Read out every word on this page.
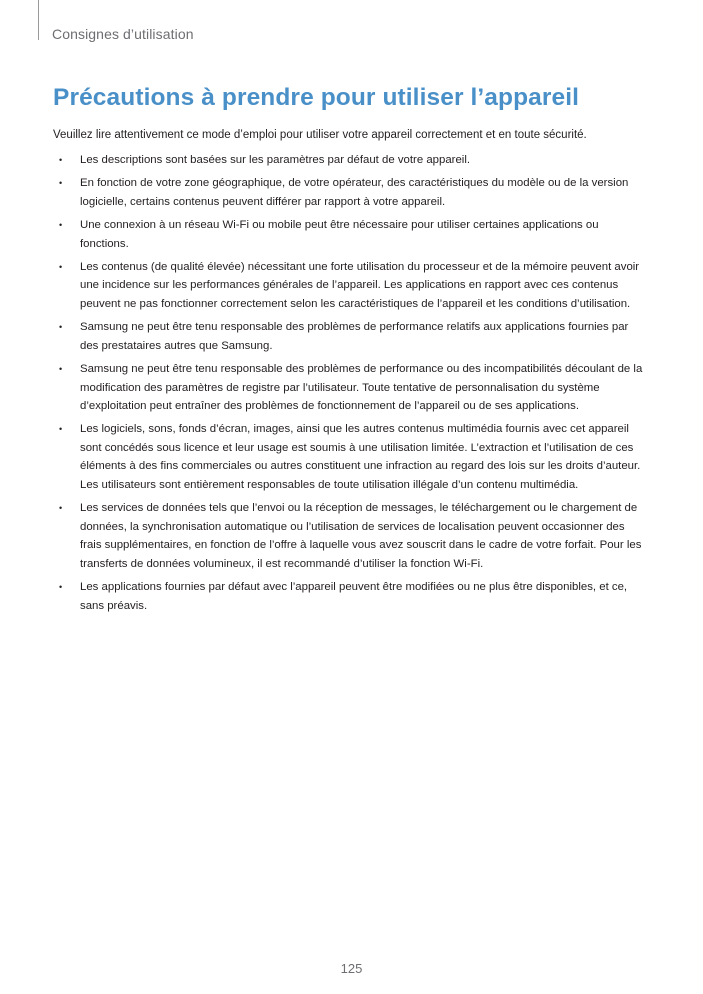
Consignes d’utilisation
Précautions à prendre pour utiliser l’appareil

Veuillez lire attentivement ce mode d’emploi pour utiliser votre appareil correctement et en toute sécurité.

• Les descriptions sont basées sur les paramètres par défaut de votre appareil.
• En fonction de votre zone géographique, de votre opérateur, des caractéristiques du modèle ou de la version logicielle, certains contenus peuvent différer par rapport à votre appareil.
• Une connexion à un réseau Wi-Fi ou mobile peut être nécessaire pour utiliser certaines applications ou fonctions.
• Les contenus (de qualité élevée) nécessitant une forte utilisation du processeur et de la mémoire peuvent avoir une incidence sur les performances générales de l’appareil. Les applications en rapport avec ces contenus peuvent ne pas fonctionner correctement selon les caractéristiques de l’appareil et les conditions d’utilisation.
• Samsung ne peut être tenu responsable des problèmes de performance relatifs aux applications fournies par des prestataires autres que Samsung.
• Samsung ne peut être tenu responsable des problèmes de performance ou des incompatibilités découlant de la modification des paramètres de registre par l’utilisateur. Toute tentative de personnalisation du système d’exploitation peut entraîner des problèmes de fonctionnement de l’appareil ou de ses applications.
• Les logiciels, sons, fonds d’écran, images, ainsi que les autres contenus multimédia fournis avec cet appareil sont concédés sous licence et leur usage est soumis à une utilisation limitée. L’extraction et l’utilisation de ces éléments à des fins commerciales ou autres constituent une infraction au regard des lois sur les droits d’auteur. Les utilisateurs sont entièrement responsables de toute utilisation illégale d’un contenu multimédia.
• Les services de données tels que l’envoi ou la réception de messages, le téléchargement ou le chargement de données, la synchronisation automatique ou l’utilisation de services de localisation peuvent occasionner des frais supplémentaires, en fonction de l’offre à laquelle vous avez souscrit dans le cadre de votre forfait. Pour les transferts de données volumineux, il est recommandé d’utiliser la fonction Wi-Fi.
• Les applications fournies par défaut avec l’appareil peuvent être modifiées ou ne plus être disponibles, et ce, sans préavis.
125
